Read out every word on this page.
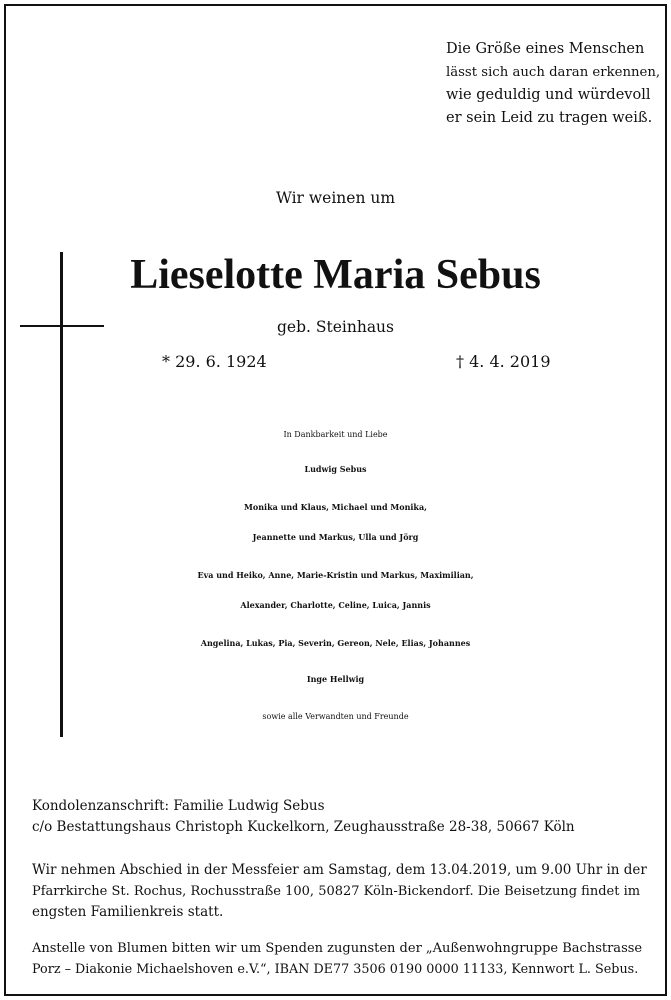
Die Größe eines Menschen
lässt sich auch daran erkennen,
wie geduldig und würdevoll
er sein Leid zu tragen weiß.
Wir weinen um
Lieselotte Maria Sebus
geb. Steinhaus
* 29. 6. 1924	† 4. 4. 2019
In Dankbarkeit und Liebe
Ludwig Sebus
Monika und Klaus, Michael und Monika,
Jeannette und Markus, Ulla und Jörg
Eva und Heiko, Anne, Marie-Kristin und Markus, Maximilian,
Alexander, Charlotte, Celine, Luica, Jannis
Angelina, Lukas, Pia, Severin, Gereon, Nele, Elias, Johannes
Inge Hellwig
sowie alle Verwandten und Freunde
Kondolenzanschrift: Familie Ludwig Sebus
c/o Bestattungshaus Christoph Kuckelkorn, Zeughausstraße 28-38, 50667 Köln
Wir nehmen Abschied in der Messfeier am Samstag, dem 13.04.2019, um 9.00 Uhr in der
Pfarrkirche St. Rochus, Rochusstraße 100, 50827 Köln-Bickendorf. Die Beisetzung findet im
engsten Familienkreis statt.
Anstelle von Blumen bitten wir um Spenden zugunsten der „Außenwohngruppe Bachstrasse
Porz – Diakonie Michaelshoven e.V.“, IBAN DE77 3506 0190 0000 11133, Kennwort L. Sebus.
